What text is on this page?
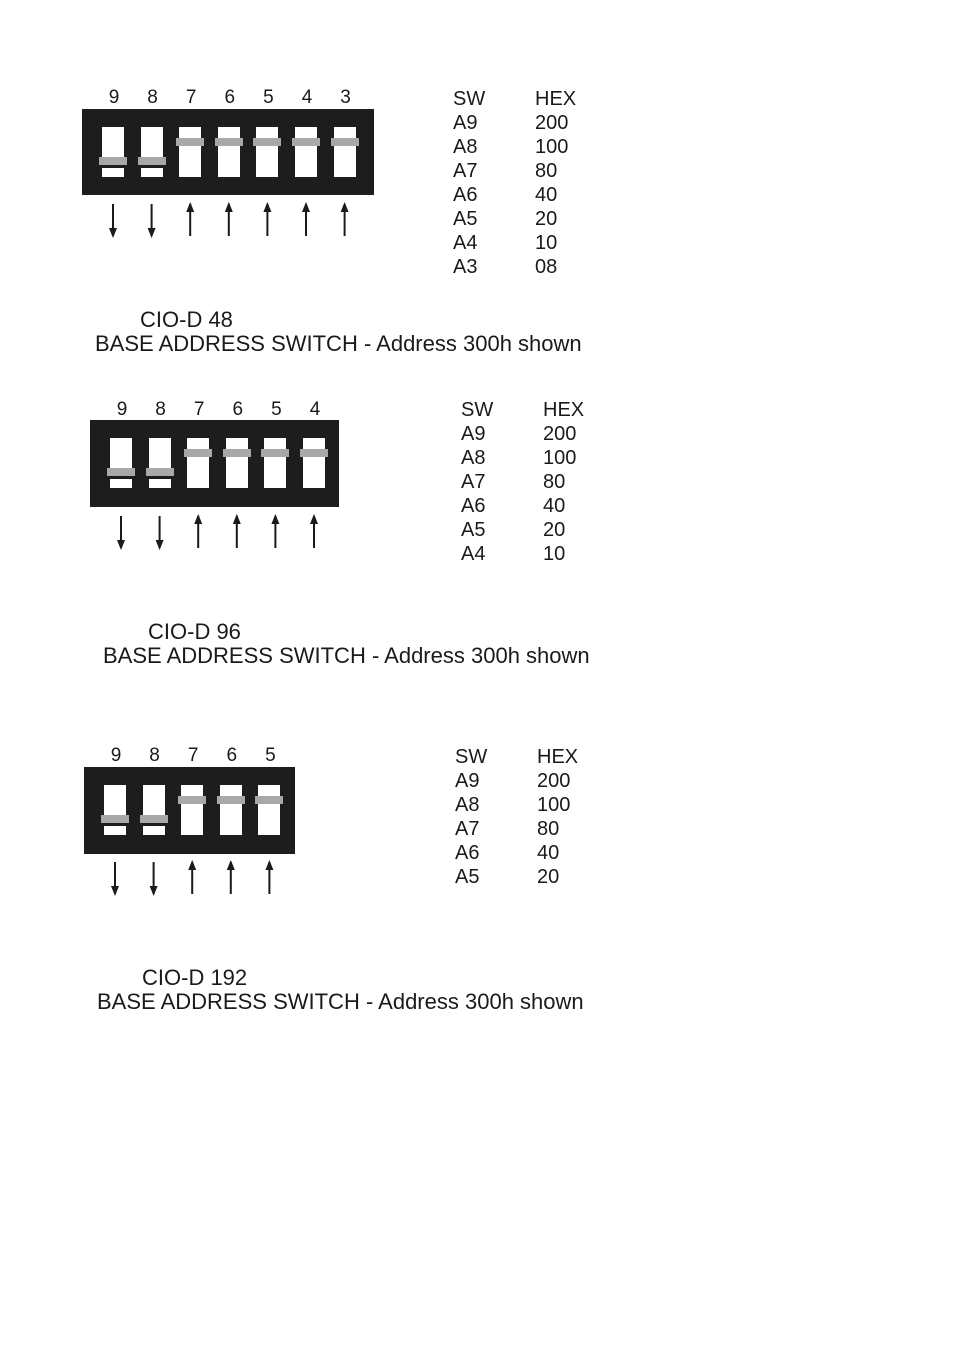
9 8 7 6 5 4 3	SW HEX
A9	200
A8	100
A7	80
A6	40
A5	20
A4	10
A3	08
CIO-D 48
BASE ADDRESS SWITCH - Address 300h shown
9 8 7 6 5 4	SW HEX
A9	200
A8	100
A7	80
A6	40
A5	20
A4	10
CIO-D 96
BASE ADDRESS SWITCH - Address 300h shown
9 8 7 6 5	SW HEX
A9	200
A8	100
A7	80
A6	40
A5	20
CIO-D 192
BASE ADDRESS SWITCH - Address 300h shown
